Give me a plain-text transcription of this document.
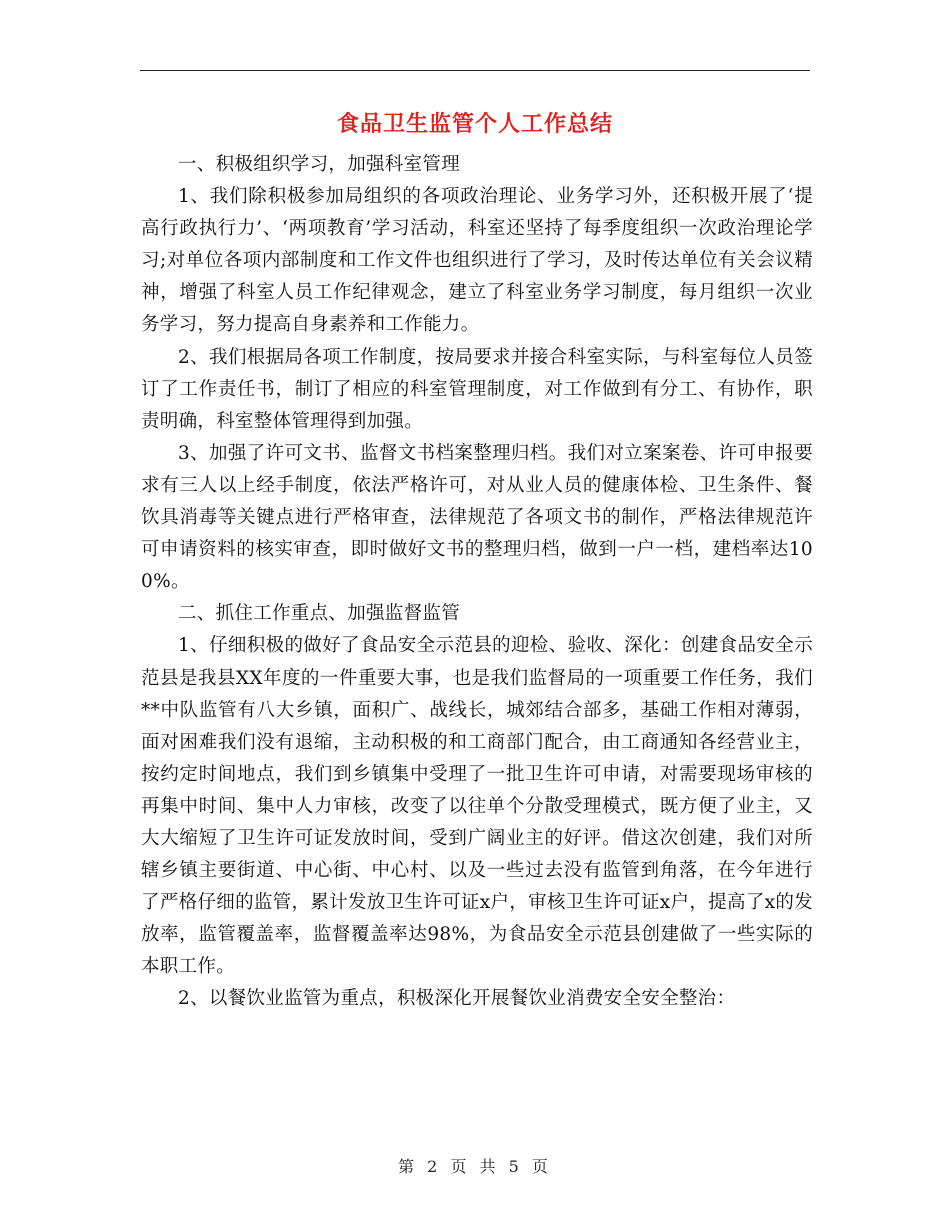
食品卫生监管个人工作总结

一、积极组织学习，加强科室管理

1、我们除积极参加局组织的各项政治理论、业务学习外，还积极开展了‘提高行政执行力’、‘两项教育’学习活动，科室还坚持了每季度组织一次政治理论学习;对单位各项内部制度和工作文件也组织进行了学习，及时传达单位有关会议精神，增强了科室人员工作纪律观念，建立了科室业务学习制度，每月组织一次业务学习，努力提高自身素养和工作能力。

2、我们根据局各项工作制度，按局要求并接合科室实际，与科室每位人员签订了工作责任书，制订了相应的科室管理制度，对工作做到有分工、有协作，职责明确，科室整体管理得到加强。

3、加强了许可文书、监督文书档案整理归档。我们对立案案卷、许可申报要求有三人以上经手制度，依法严格许可，对从业人员的健康体检、卫生条件、餐饮具消毒等关键点进行严格审查，法律规范了各项文书的制作，严格法律规范许可申请资料的核实审查，即时做好文书的整理归档，做到一户一档，建档率达100%。

二、抓住工作重点、加强监督监管

1、仔细积极的做好了食品安全示范县的迎检、验收、深化：创建食品安全示范县是我县XX年度的一件重要大事，也是我们监督局的一项重要工作任务，我们**中队监管有八大乡镇，面积广、战线长，城郊结合部多，基础工作相对薄弱，面对困难我们没有退缩，主动积极的和工商部门配合，由工商通知各经营业主，按约定时间地点，我们到乡镇集中受理了一批卫生许可申请，对需要现场审核的再集中时间、集中人力审核，改变了以往单个分散受理模式，既方便了业主，又大大缩短了卫生许可证发放时间，受到广阔业主的好评。借这次创建，我们对所辖乡镇主要街道、中心街、中心村、以及一些过去没有监管到角落，在今年进行了严格仔细的监管，累计发放卫生许可证x户，审核卫生许可证x户，提高了x的发放率，监管覆盖率，监督覆盖率达98%，为食品安全示范县创建做了一些实际的本职工作。

2、以餐饮业监管为重点，积极深化开展餐饮业消费安全安全整治：

第 2 页 共 5 页
